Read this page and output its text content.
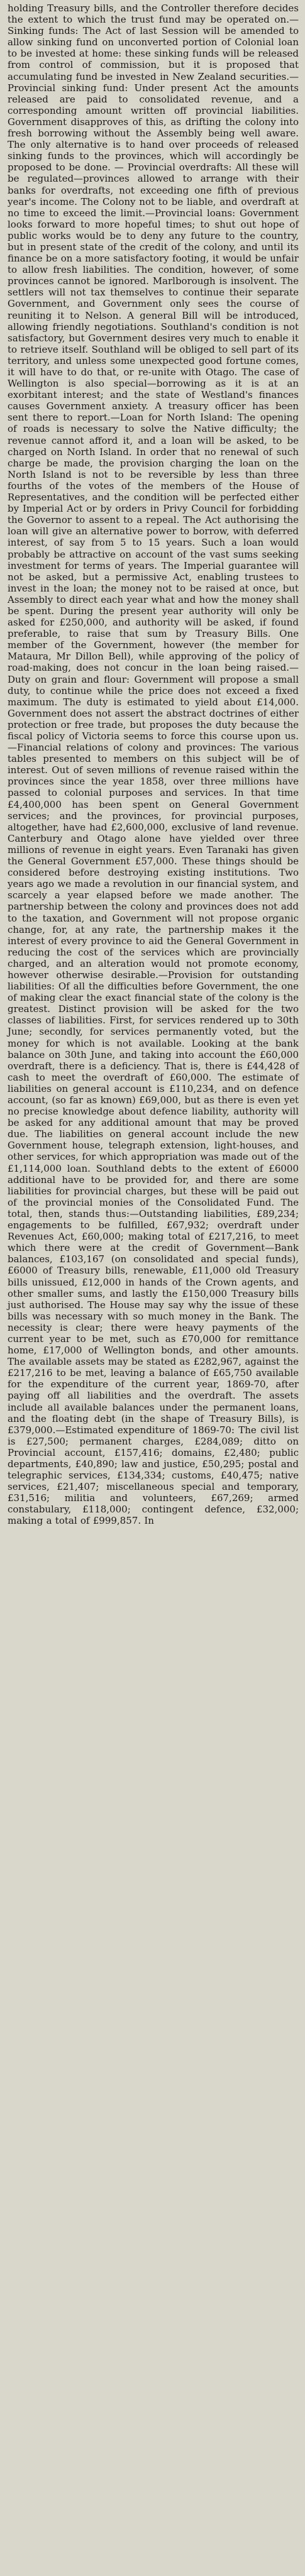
holding Treasury bills, and the Controller therefore decides the extent to which the trust fund may be operated on.—Sinking funds: The Act of last Session will be amended to allow sinking fund on unconverted portion of Colonial loan to be invested at home: these sinking funds will be released from control of commission, but it is proposed that accumulating fund be invested in New Zealand securities.—Provincial sinking fund: Under present Act the amounts released are paid to consolidated revenue, and a corresponding amount written off provincial liabilities. Government disapproves of this, as drifting the colony into fresh borrowing without the Assembly being well aware. The only alternative is to hand over proceeds of released sinking funds to the provinces, which will accordingly be proposed to be done. — Provincial overdrafts: All these will be regulated—provinces allowed to arrange with their banks for overdrafts, not exceeding one fifth of previous year's income. The Colony not to be liable, and overdraft at no time to exceed the limit.—Provincial loans: Government looks forward to more hopeful times; to shut out hope of public works would be to deny any future to the country, but in present state of the credit of the colony, and until its finance be on a more satisfactory footing, it would be unfair to allow fresh liabilities. The condition, however, of some provinces cannot be ignored. Marlborough is insolvent. The settlers will not tax themselves to continue their separate Government, and Government only sees the course of reuniting it to Nelson. A general Bill will be introduced, allowing friendly negotiations. Southland's condition is not satisfactory, but Government desires very much to enable it to retrieve itself. Southland will be obliged to sell part of its territory, and unless some unexpected good fortune comes, it will have to do that, or re-unite with Otago. The case of Wellington is also special—borrowing as it is at an exorbitant interest; and the state of Westland's finances causes Government anxiety. A treasury officer has been sent there to report.—Loan for North Island: The opening of roads is necessary to solve the Native difficulty; the revenue cannot afford it, and a loan will be asked, to be charged on North Island. In order that no renewal of such charge be made, the provision charging the loan on the North Island is not to be reversible by less than three fourths of the votes of the members of the House of Representatives, and the condition will be perfected either by Imperial Act or by orders in Privy Council for forbidding the Governor to assent to a repeal. The Act authorising the loan will give an alternative power to borrow, with deferred interest, of say from 5 to 15 years. Such a loan would probably be attractive on account of the vast sums seeking investment for terms of years. The Imperial guarantee will not be asked, but a permissive Act, enabling trustees to invest in the loan; the money not to be raised at once, but Assembly to direct each year what and how the money shall be spent. During the present year authority will only be asked for £250,000, and authority will be asked, if found preferable, to raise that sum by Treasury Bills. One member of the Government, however (the member for Mataura, Mr Dillon Bell), while approving of the policy of road-making, does not concur in the loan being raised.—Duty on grain and flour: Government will propose a small duty, to continue while the price does not exceed a fixed maximum. The duty is estimated to yield about £14,000. Government does not assert the abstract doctrines of either protection or free trade, but proposes the duty because the fiscal policy of Victoria seems to force this course upon us.—Financial relations of colony and provinces: The various tables presented to members on this subject will be of interest. Out of seven millions of revenue raised within the provinces since the year 1858, over three millions have passed to colonial purposes and services. In that time £4,400,000 has been spent on General Government services; and the provinces, for provincial purposes, altogether, have had £2,600,000, exclusive of land revenue. Canterbury and Otago alone have yielded over three millions of revenue in eight years. Even Taranaki has given the General Government £57,000. These things should be considered before destroying existing institutions. Two years ago we made a revolution in our financial system, and scarcely a year elapsed before we made another. The partnership between the colony and provinces does not add to the taxation, and Government will not propose organic change, for, at any rate, the partnership makes it the interest of every province to aid the General Government in reducing the cost of the services which are provincially charged, and an alteration would not promote economy, however otherwise desirable.—Provision for outstanding liabilities: Of all the difficulties before Government, the one of making clear the exact financial state of the colony is the greatest. Distinct provision will be asked for the two classes of liabilities. First, for services rendered up to 30th June; secondly, for services permanently voted, but the money for which is not available. Looking at the bank balance on 30th June, and taking into account the £60,000 overdraft, there is a deficiency. That is, there is £44,428 of cash to meet the overdraft of £60,000. The estimate of liabilities on general account is £110,234, and on defence account, (so far as known) £69,000, but as there is even yet no precise knowledge about defence liability, authority will be asked for any additional amount that may be proved due. The liabilities on general account include the new Government house, telegraph extension, light-houses, and other services, for which appropriation was made out of the £1,114,000 loan. Southland debts to the extent of £6000 additional have to be provided for, and there are some liabilities for provincial charges, but these will be paid out of the provincial monies of the Consolidated Fund. The total, then, stands thus:—Outstanding liabilities, £89,234; engagements to be fulfilled, £67,932; overdraft under Revenues Act, £60,000; making total of £217,216, to meet which there were at the credit of Government—Bank balances, £103,167 (on consolidated and special funds), £6000 of Treasury bills, renewable, £11,000 old Treasury bills unissued, £12,000 in hands of the Crown agents, and other smaller sums, and lastly the £150,000 Treasury bills just authorised. The House may say why the issue of these bills was necessary with so much money in the Bank. The necessity is clear; there were heavy payments of the current year to be met, such as £70,000 for remittance home, £17,000 of Wellington bonds, and other amounts. The available assets may be stated as £282,967, against the £217,216 to be met, leaving a balance of £65,750 available for the expenditure of the current year, 1869-70, after paying off all liabilities and the overdraft. The assets include all available balances under the permanent loans, and the floating debt (in the shape of Treasury Bills), is £379,000.—Estimated expenditure of 1869-70: The civil list is £27,500; permanent charges, £284,089; ditto on Provincial account, £157,416; domains, £2,480; public departments, £40,890; law and justice, £50,295; postal and telegraphic services, £134,334; customs, £40,475; native services, £21,407; miscellaneous special and temporary, £31,516; militia and volunteers, £67,269; armed constabulary, £118,000; contingent defence, £32,000; making a total of £999,857. In
